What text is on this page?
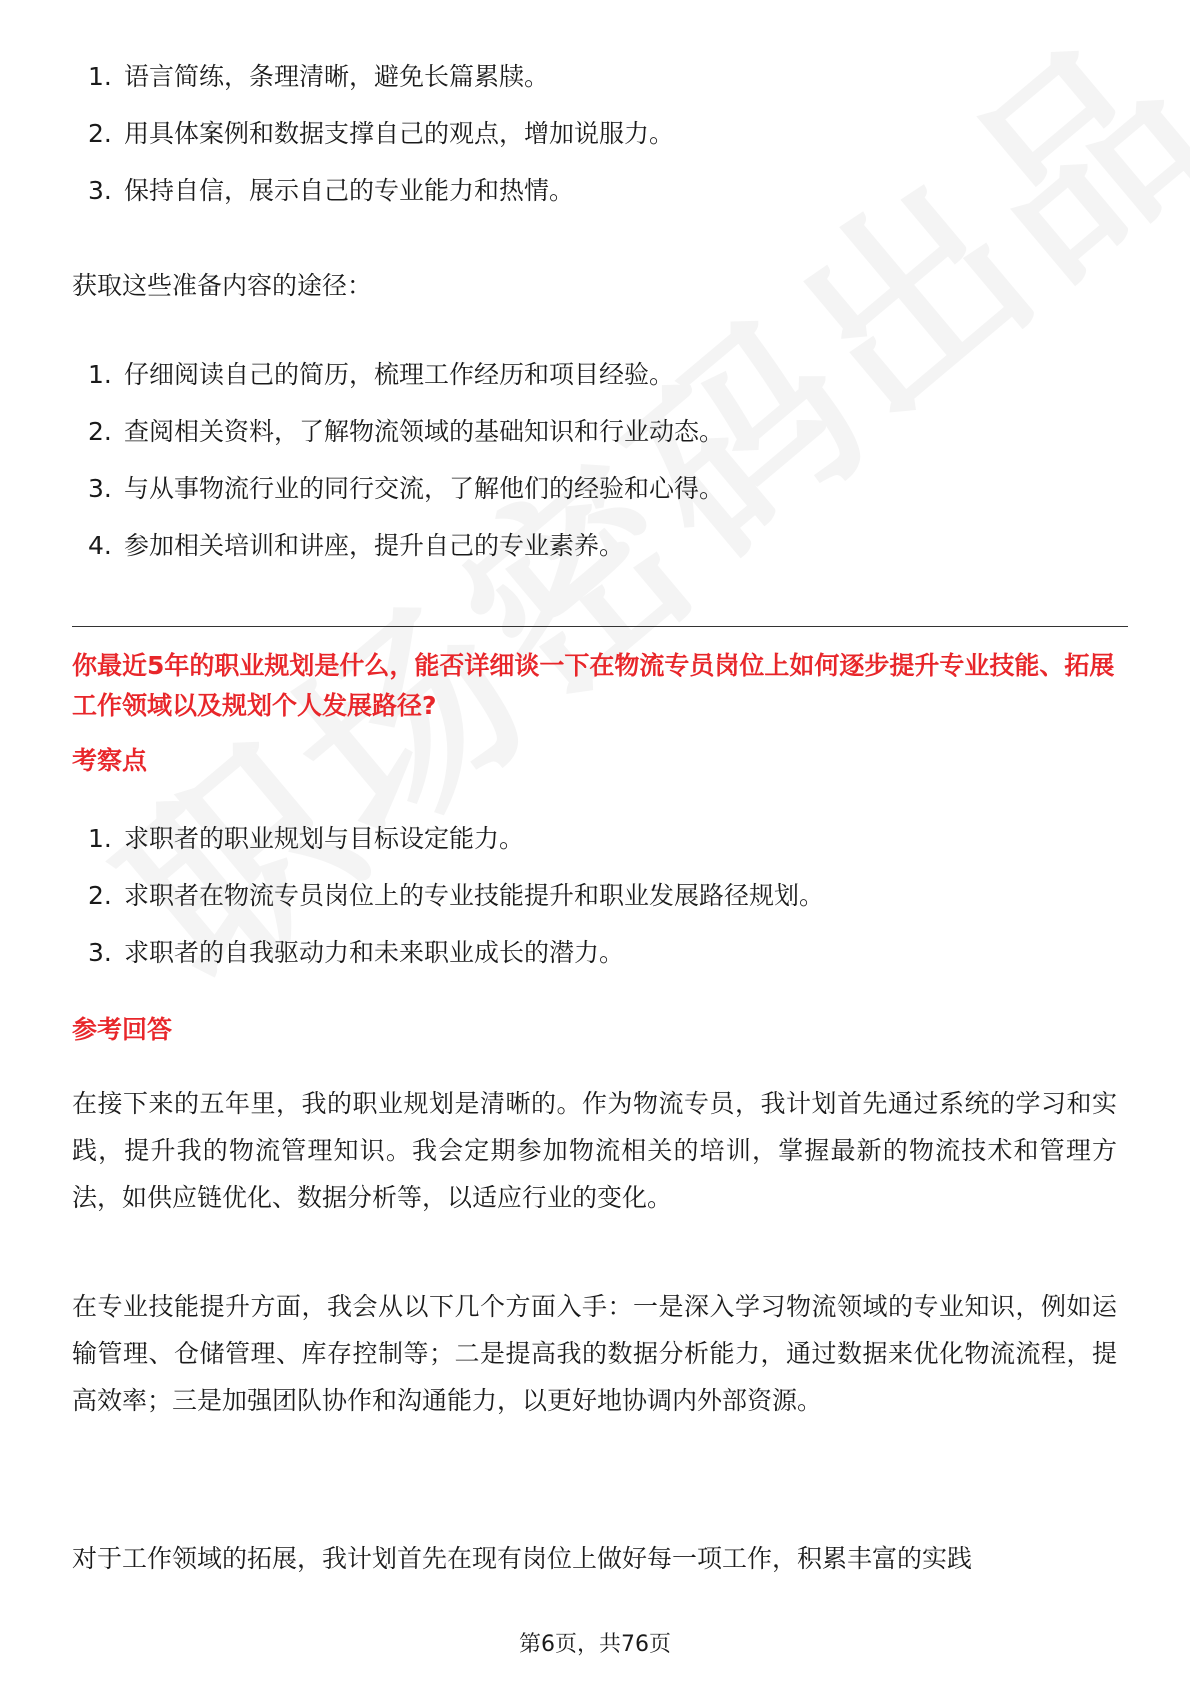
1. 语言简练，条理清晰，避免长篇累牍。
2. 用具体案例和数据支撑自己的观点，增加说服力。
3. 保持自信，展示自己的专业能力和热情。

获取这些准备内容的途径：

1. 仔细阅读自己的简历，梳理工作经历和项目经验。
2. 查阅相关资料，了解物流领域的基础知识和行业动态。
3. 与从事物流行业的同行交流，了解他们的经验和心得。
4. 参加相关培训和讲座，提升自己的专业素养。

你最近5年的职业规划是什么，能否详细谈一下在物流专员岗位上如何逐步提升专业技能、拓展工作领域以及规划个人发展路径?

考察点

1. 求职者的职业规划与目标设定能力。
2. 求职者在物流专员岗位上的专业技能提升和职业发展路径规划。
3. 求职者的自我驱动力和未来职业成长的潜力。

参考回答

在接下来的五年里，我的职业规划是清晰的。作为物流专员，我计划首先通过系统的学习和实践，提升我的物流管理知识。我会定期参加物流相关的培训，掌握最新的物流技术和管理方法，如供应链优化、数据分析等，以适应行业的变化。

在专业技能提升方面，我会从以下几个方面入手：一是深入学习物流领域的专业知识，例如运输管理、仓储管理、库存控制等；二是提高我的数据分析能力，通过数据来优化物流流程，提高效率；三是加强团队协作和沟通能力，以更好地协调内外部资源。

对于工作领域的拓展，我计划首先在现有岗位上做好每一项工作，积累丰富的实践

第6页，共76页
